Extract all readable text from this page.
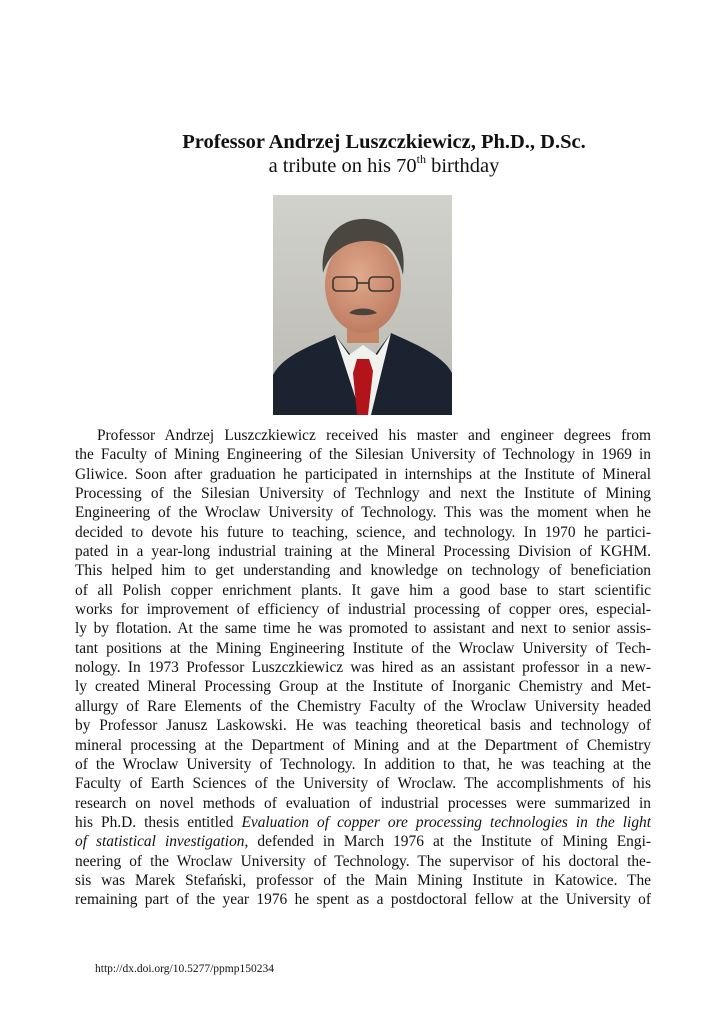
Professor Andrzej Luszczkiewicz, Ph.D., D.Sc.
a tribute on his 70th birthday
Professor Andrzej Luszczkiewicz received his master and engineer degrees from
the Faculty of Mining Engineering of the Silesian University of Technology in 1969 in
Gliwice. Soon after graduation he participated in internships at the Institute of Mineral
Processing of the Silesian University of Technlogy and next the Institute of Mining
Engineering of the Wroclaw University of Technology. This was the moment when he
decided to devote his future to teaching, science, and technology. In 1970 he partici-
pated in a year-long industrial training at the Mineral Processing Division of KGHM.
This helped him to get understanding and knowledge on technology of beneficiation
of all Polish copper enrichment plants. It gave him a good base to start scientific
works for improvement of efficiency of industrial processing of copper ores, especial-
ly by flotation. At the same time he was promoted to assistant and next to senior assis-
tant positions at the Mining Engineering Institute of the Wroclaw University of Tech-
nology. In 1973 Professor Luszczkiewicz was hired as an assistant professor in a new-
ly created Mineral Processing Group at the Institute of Inorganic Chemistry and Met-
allurgy of Rare Elements of the Chemistry Faculty of the Wroclaw University headed
by Professor Janusz Laskowski. He was teaching theoretical basis and technology of
mineral processing at the Department of Mining and at the Department of Chemistry
of the Wroclaw University of Technology. In addition to that, he was teaching at the
Faculty of Earth Sciences of the University of Wroclaw. The accomplishments of his
research on novel methods of evaluation of industrial processes were summarized in
his Ph.D. thesis entitled Evaluation of copper ore processing technologies in the light
of statistical investigation, defended in March 1976 at the Institute of Mining Engi-
neering of the Wroclaw University of Technology. The supervisor of his doctoral the-
sis was Marek Stefański, professor of the Main Mining Institute in Katowice. The
remaining part of the year 1976 he spent as a postdoctoral fellow at the University of
http://dx.doi.org/10.5277/ppmp150234
